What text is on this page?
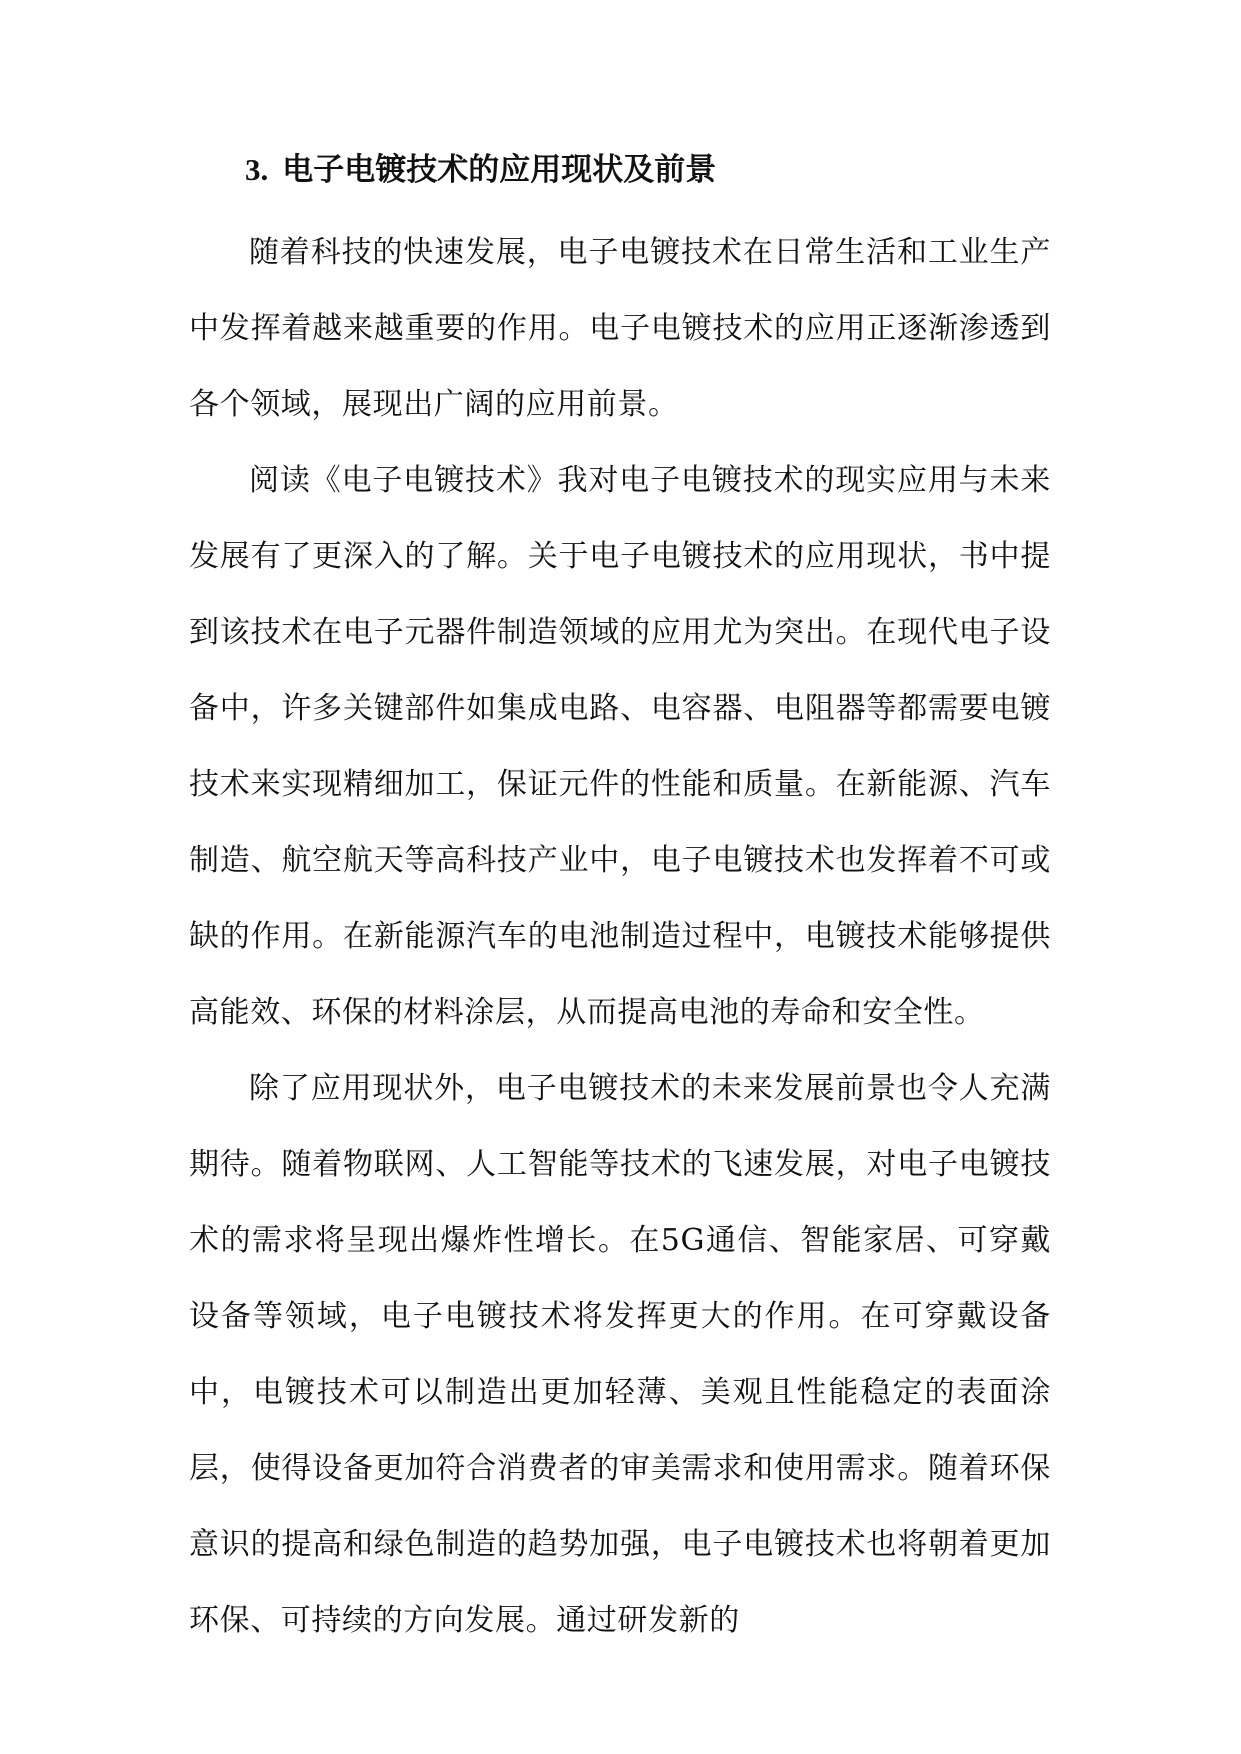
3. 电子电镀技术的应用现状及前景

随着科技的快速发展，电子电镀技术在日常生活和工业生产中发挥着越来越重要的作用。电子电镀技术的应用正逐渐渗透到各个领域，展现出广阔的应用前景。

阅读《电子电镀技术》我对电子电镀技术的现实应用与未来发展有了更深入的了解。关于电子电镀技术的应用现状，书中提到该技术在电子元器件制造领域的应用尤为突出。在现代电子设备中，许多关键部件如集成电路、电容器、电阻器等都需要电镀技术来实现精细加工，保证元件的性能和质量。在新能源、汽车制造、航空航天等高科技产业中，电子电镀技术也发挥着不可或缺的作用。在新能源汽车的电池制造过程中，电镀技术能够提供高能效、环保的材料涂层，从而提高电池的寿命和安全性。

除了应用现状外，电子电镀技术的未来发展前景也令人充满期待。随着物联网、人工智能等技术的飞速发展，对电子电镀技术的需求将呈现出爆炸性增长。在5G通信、智能家居、可穿戴设备等领域，电子电镀技术将发挥更大的作用。在可穿戴设备中，电镀技术可以制造出更加轻薄、美观且性能稳定的表面涂层，使得设备更加符合消费者的审美需求和使用需求。随着环保意识的提高和绿色制造的趋势加强，电子电镀技术也将朝着更加环保、可持续的方向发展。通过研发新的
